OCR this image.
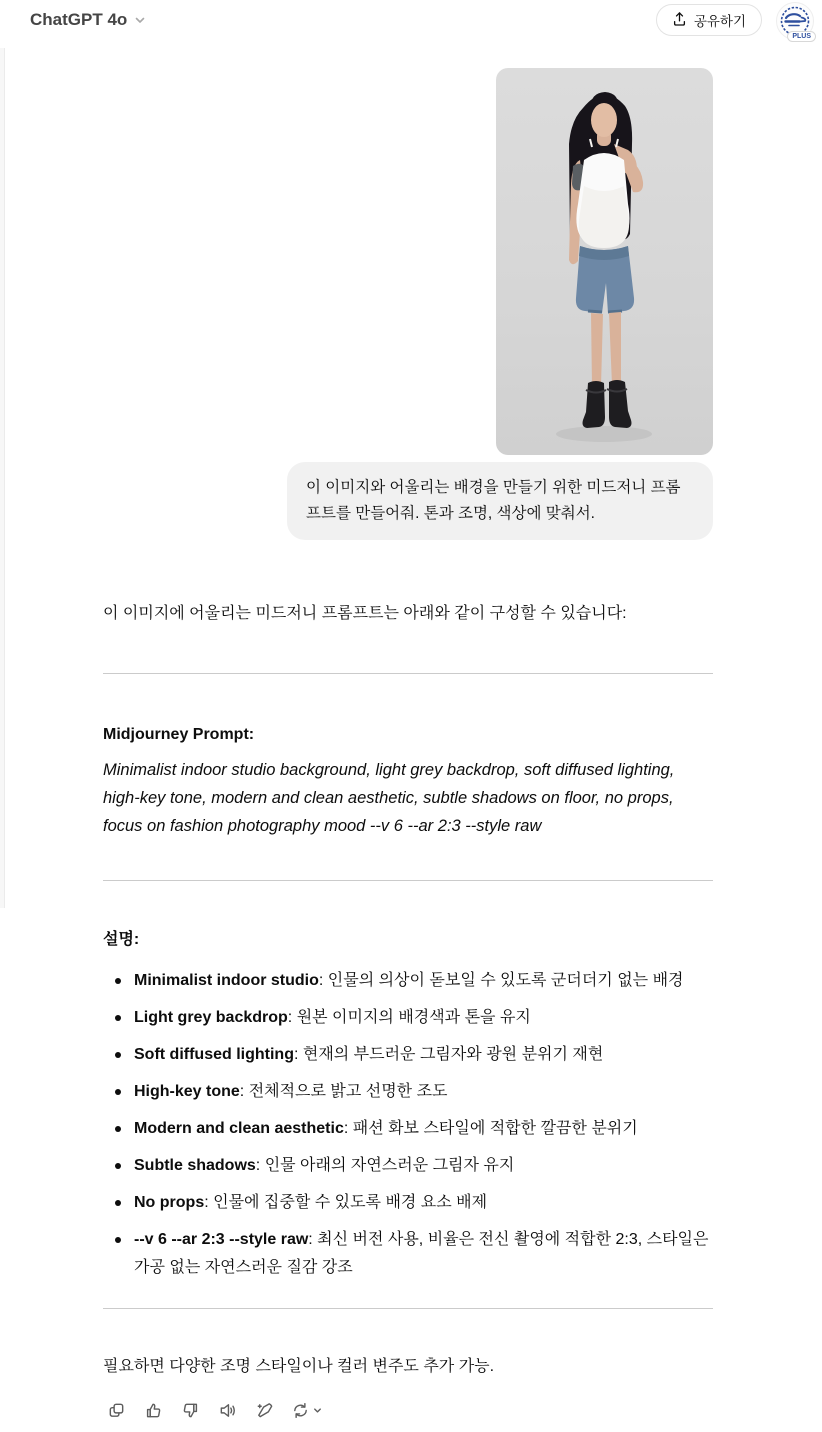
ChatGPT 4o	공유하기
PLUS
이 이미지와 어울리는 배경을 만들기 위한 미드저니 프롬프트를 만들어줘. 톤과 조명, 색상에 맞춰서.

이 이미지에 어울리는 미드저니 프롬프트는 아래와 같이 구성할 수 있습니다:

Midjourney Prompt:

Minimalist indoor studio background, light grey backdrop, soft diffused lighting, high-key tone, modern and clean aesthetic, subtle shadows on floor, no props, focus on fashion photography mood --v 6 --ar 2:3 --style raw

설명:

Minimalist indoor studio: 인물의 의상이 돋보일 수 있도록 군더더기 없는 배경
Light grey backdrop: 원본 이미지의 배경색과 톤을 유지
Soft diffused lighting: 현재의 부드러운 그림자와 광원 분위기 재현
High-key tone: 전체적으로 밝고 선명한 조도
Modern and clean aesthetic: 패션 화보 스타일에 적합한 깔끔한 분위기
Subtle shadows: 인물 아래의 자연스러운 그림자 유지
No props: 인물에 집중할 수 있도록 배경 요소 배제
--v 6 --ar 2:3 --style raw: 최신 버전 사용, 비율은 전신 촬영에 적합한 2:3, 스타일은 가공 없는 자연스러운 질감 강조

필요하면 다양한 조명 스타일이나 컬러 변주도 추가 가능.
